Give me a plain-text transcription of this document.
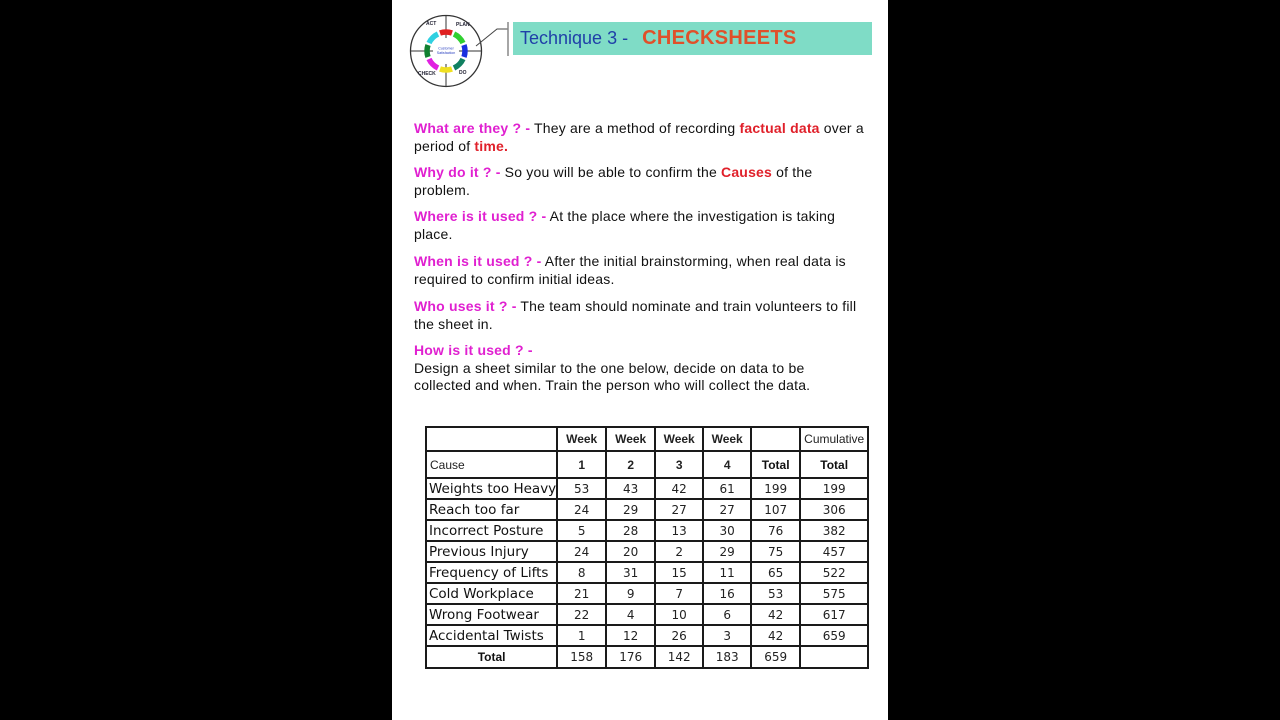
Customer
Satisfaction
ACT	PLAN
DO
CHECK
Technique 3 - CHECKSHEETS
What are they ? - They are a method of recording factual data over a period of time.
Why do it ? - So you will be able to confirm the Causes of the problem.
Where is it used ? - At the place where the investigation is taking place.
When is it used ? - After the initial brainstorming, when real data is required to confirm initial ideas.
Who uses it ? - The team should nominate and train volunteers to fill the sheet in.
How is it used ? -
Design a sheet similar to the one below, decide on data to be collected and when. Train the person who will collect the data.
	Week	Week	Week	Week		Cumulative
Cause	1	2	3	4	Total	Total
Weights too Heavy	53	43	42	61	199	199
Reach too far	24	29	27	27	107	306
Incorrect Posture	5	28	13	30	76	382
Previous Injury	24	20	2	29	75	457
Frequency of Lifts	8	31	15	11	65	522
Cold Workplace	21	9	7	16	53	575
Wrong Footwear	22	4	10	6	42	617
Accidental Twists	1	12	26	3	42	659
Total	158	176	142	183	659	
